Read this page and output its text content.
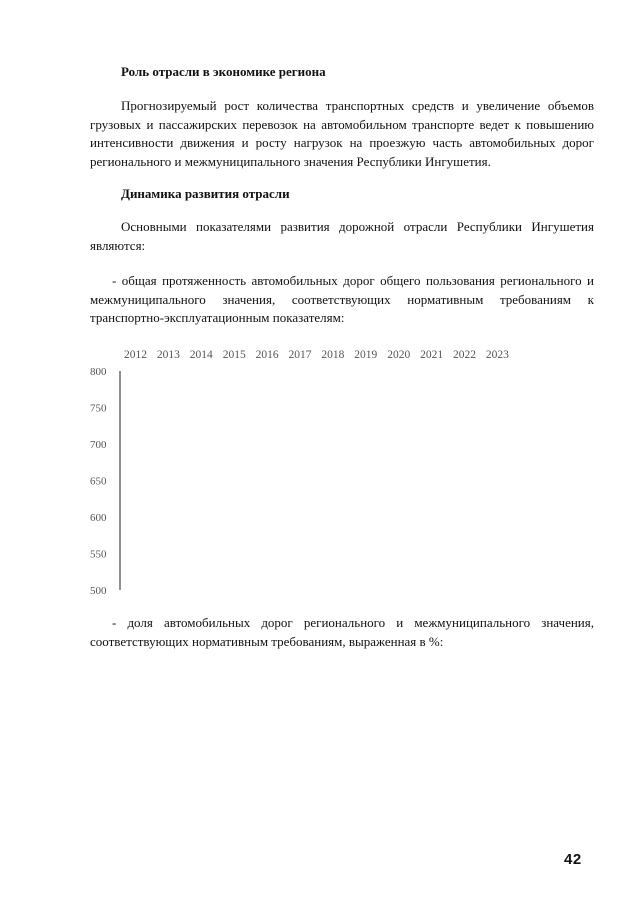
Роль отрасли в экономике региона

Прогнозируемый рост количества транспортных средств и увеличение объемов грузовых и пассажирских перевозок на автомобильном транспорте ведет к повышению интенсивности движения и росту нагрузок на проезжую часть автомобильных дорог регионального и межмуниципального значения Республики Ингушетия.

Динамика развития отрасли

Основными показателями развития дорожной отрасли Республики Ингушетия являются:

- общая протяженность автомобильных дорог общего пользования регионального и межмуниципального значения, соответствующих нормативным требованиям к транспортно-эксплуатационным показателям:

2012 2013 2014 2015 2016 2017 2018 2019 2020 2021 2022 2023
800
750
700
650
600
550
500

- доля автомобильных дорог регионального и межмуниципального значения, соответствующих нормативным требованиям, выраженная в %:

42
